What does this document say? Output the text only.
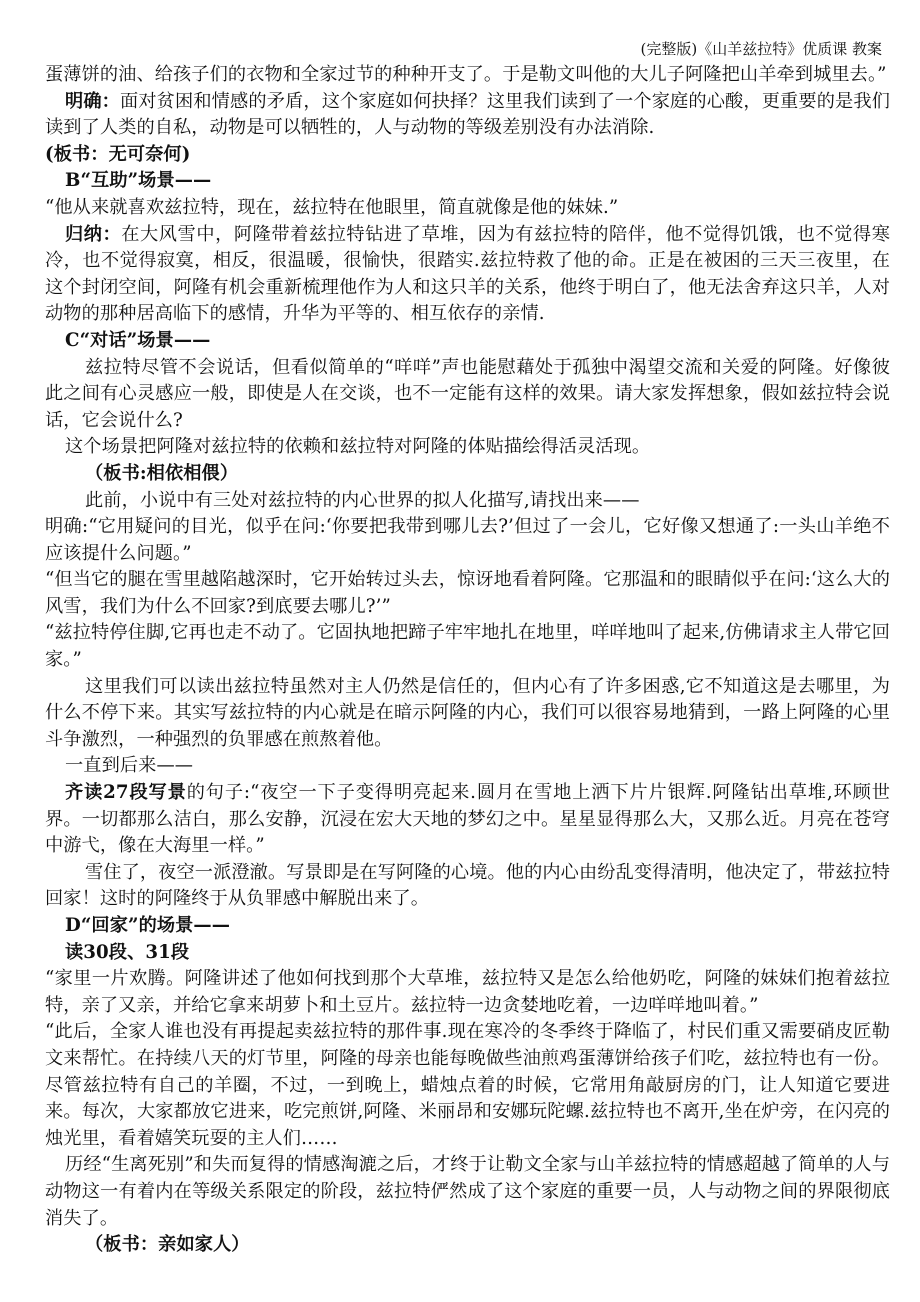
(完整版)《山羊兹拉特》优质课 教案

蛋薄饼的油、给孩子们的衣物和全家过节的种种开支了。于是勒文叫他的大儿子阿隆把山羊牵到城里去。”

明确：面对贫困和情感的矛盾，这个家庭如何抉择？这里我们读到了一个家庭的心酸，更重要的是我们读到了人类的自私，动物是可以牺牲的，人与动物的等级差别没有办法消除.

(板书：无可奈何)

B“互助”场景——

“他从来就喜欢兹拉特，现在，兹拉特在他眼里，简直就像是他的妹妹.”

归纳：在大风雪中，阿隆带着兹拉特钻进了草堆，因为有兹拉特的陪伴，他不觉得饥饿，也不觉得寒冷，也不觉得寂寞，相反，很温暖，很愉快，很踏实.兹拉特救了他的命。正是在被困的三天三夜里，在这个封闭空间，阿隆有机会重新梳理他作为人和这只羊的关系，他终于明白了，他无法舍弃这只羊，人对动物的那种居高临下的感情，升华为平等的、相互依存的亲情.

C“对话”场景——

兹拉特尽管不会说话，但看似简单的“咩咩”声也能慰藉处于孤独中渴望交流和关爱的阿隆。好像彼此之间有心灵感应一般，即使是人在交谈，也不一定能有这样的效果。请大家发挥想象，假如兹拉特会说话，它会说什么?

这个场景把阿隆对兹拉特的依赖和兹拉特对阿隆的体贴描绘得活灵活现。

（板书:相依相偎）

此前，小说中有三处对兹拉特的内心世界的拟人化描写,请找出来——

明确:“它用疑问的目光，似乎在问:‘你要把我带到哪儿去?’但过了一会儿，它好像又想通了:一头山羊绝不应该提什么问题。”

“但当它的腿在雪里越陷越深时，它开始转过头去，惊讶地看着阿隆。它那温和的眼睛似乎在问:‘这么大的风雪，我们为什么不回家?到底要去哪儿?’”

“兹拉特停住脚,它再也走不动了。它固执地把蹄子牢牢地扎在地里，咩咩地叫了起来,仿佛请求主人带它回家。”

这里我们可以读出兹拉特虽然对主人仍然是信任的，但内心有了许多困惑,它不知道这是去哪里，为什么不停下来。其实写兹拉特的内心就是在暗示阿隆的内心，我们可以很容易地猜到，一路上阿隆的心里斗争激烈，一种强烈的负罪感在煎熬着他。

一直到后来——

齐读27段写景的句子:“夜空一下子变得明亮起来.圆月在雪地上洒下片片银辉.阿隆钻出草堆,环顾世界。一切都那么洁白，那么安静，沉浸在宏大天地的梦幻之中。星星显得那么大，又那么近。月亮在苍穹中游弋，像在大海里一样。”

雪住了，夜空一派澄澈。写景即是在写阿隆的心境。他的内心由纷乱变得清明，他决定了，带兹拉特回家！这时的阿隆终于从负罪感中解脱出来了。

D“回家”的场景——

读30段、31段

“家里一片欢腾。阿隆讲述了他如何找到那个大草堆，兹拉特又是怎么给他奶吃，阿隆的妹妹们抱着兹拉特，亲了又亲，并给它拿来胡萝卜和土豆片。兹拉特一边贪婪地吃着，一边咩咩地叫着。”

“此后，全家人谁也没有再提起卖兹拉特的那件事.现在寒冷的冬季终于降临了，村民们重又需要硝皮匠勒文来帮忙。在持续八天的灯节里，阿隆的母亲也能每晚做些油煎鸡蛋薄饼给孩子们吃，兹拉特也有一份。尽管兹拉特有自己的羊圈，不过，一到晚上，蜡烛点着的时候，它常用角敲厨房的门，让人知道它要进来。每次，大家都放它进来，吃完煎饼,阿隆、米丽昂和安娜玩陀螺.兹拉特也不离开,坐在炉旁，在闪亮的烛光里，看着嬉笑玩耍的主人们……

历经“生离死别”和失而复得的情感淘漉之后，才终于让勒文全家与山羊兹拉特的情感超越了简单的人与动物这一有着内在等级关系限定的阶段，兹拉特俨然成了这个家庭的重要一员，人与动物之间的界限彻底消失了。

（板书：亲如家人）
